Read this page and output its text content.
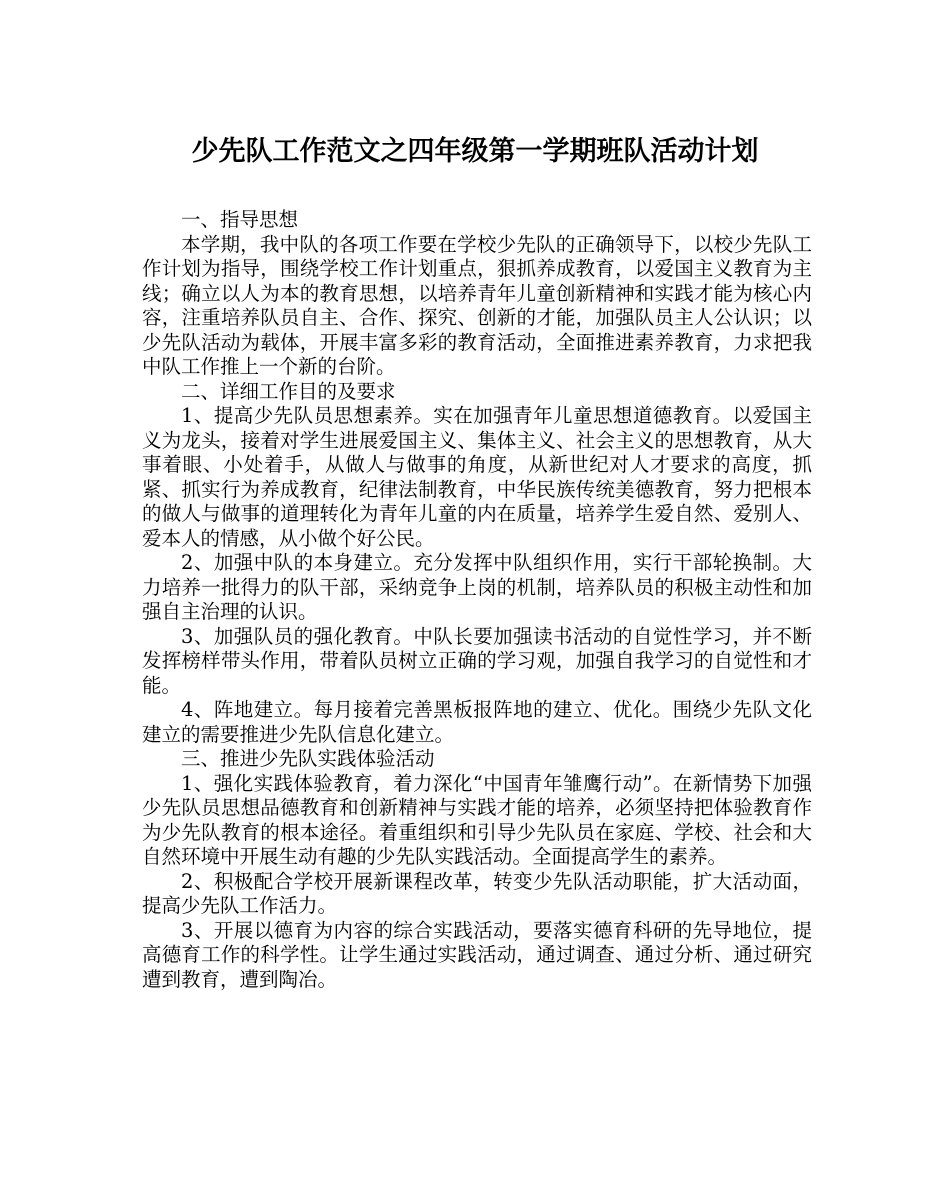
少先队工作范文之四年级第一学期班队活动计划

一、指导思想

本学期，我中队的各项工作要在学校少先队的正确领导下，以校少先队工作计划为指导，围绕学校工作计划重点，狠抓养成教育，以爱国主义教育为主线；确立以人为本的教育思想，以培养青年儿童创新精神和实践才能为核心内容，注重培养队员自主、合作、探究、创新的才能，加强队员主人公认识；以少先队活动为载体，开展丰富多彩的教育活动，全面推进素养教育，力求把我中队工作推上一个新的台阶。

二、详细工作目的及要求

1、提高少先队员思想素养。实在加强青年儿童思想道德教育。以爱国主义为龙头，接着对学生进展爱国主义、集体主义、社会主义的思想教育，从大事着眼、小处着手，从做人与做事的角度，从新世纪对人才要求的高度，抓紧、抓实行为养成教育，纪律法制教育，中华民族传统美德教育，努力把根本的做人与做事的道理转化为青年儿童的内在质量，培养学生爱自然、爱别人、爱本人的情感，从小做个好公民。

2、加强中队的本身建立。充分发挥中队组织作用，实行干部轮换制。大力培养一批得力的队干部，采纳竞争上岗的机制，培养队员的积极主动性和加强自主治理的认识。

3、加强队员的强化教育。中队长要加强读书活动的自觉性学习，并不断发挥榜样带头作用，带着队员树立正确的学习观，加强自我学习的自觉性和才能。

4、阵地建立。每月接着完善黑板报阵地的建立、优化。围绕少先队文化建立的需要推进少先队信息化建立。

三、推进少先队实践体验活动

1、强化实践体验教育，着力深化“中国青年雏鹰行动”。在新情势下加强少先队员思想品德教育和创新精神与实践才能的培养，必须坚持把体验教育作为少先队教育的根本途径。着重组织和引导少先队员在家庭、学校、社会和大自然环境中开展生动有趣的少先队实践活动。全面提高学生的素养。

2、积极配合学校开展新课程改革，转变少先队活动职能，扩大活动面，提高少先队工作活力。

3、开展以德育为内容的综合实践活动，要落实德育科研的先导地位，提高德育工作的科学性。让学生通过实践活动，通过调查、通过分析、通过研究遭到教育，遭到陶冶。
